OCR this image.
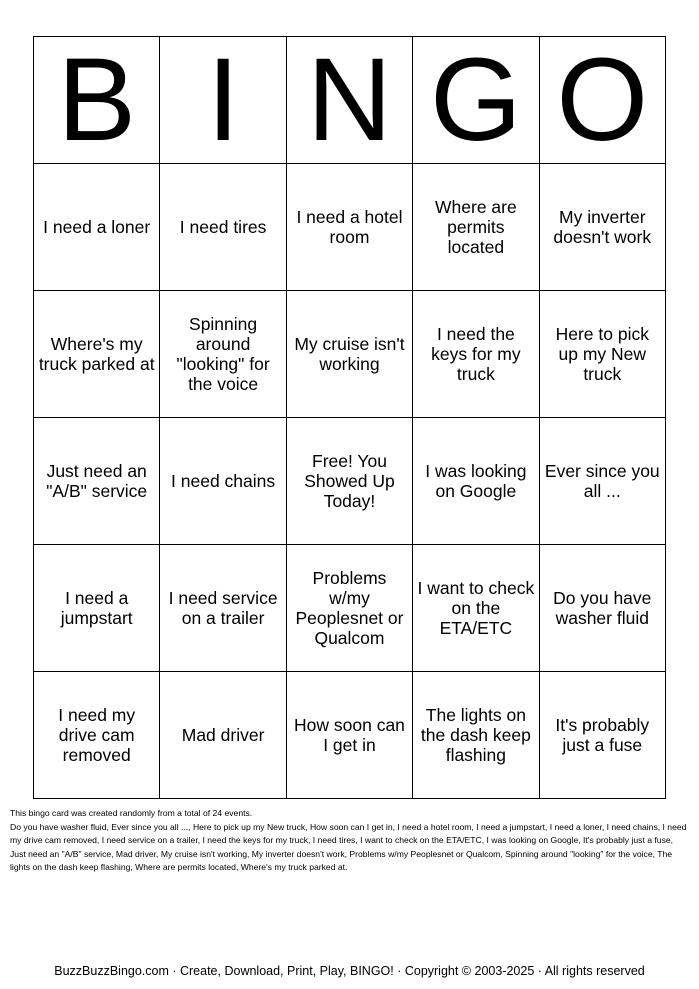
B	I	N	G	O
I need a loner	I need tires	I need a hotel room	Where are permits located	My inverter doesn't work
Where's my truck parked at	Spinning around "looking" for the voice	My cruise isn't working	I need the keys for my truck	Here to pick up my New truck
Just need an "A/B" service	I need chains	Free! You Showed Up Today!	I was looking on Google	Ever since you all ...
I need a jumpstart	I need service on a trailer	Problems w/my Peoplesnet or Qualcom	I want to check on the ETA/ETC	Do you have washer fluid
I need my drive cam removed	Mad driver	How soon can I get in	The lights on the dash keep flashing	It's probably just a fuse

This bingo card was created randomly from a total of 24 events.

Do you have washer fluid, Ever since you all ..., Here to pick up my New truck, How soon can I get in, I need a hotel room, I need a jumpstart, I need a loner, I need chains, I need my drive cam removed, I need service on a trailer, I need the keys for my truck, I need tires, I want to check on the ETA/ETC, I was looking on Google, It's probably just a fuse, Just need an "A/B" service, Mad driver, My cruise isn't working, My inverter doesn't work, Problems w/my Peoplesnet or Qualcom, Spinning around "looking" for the voice, The lights on the dash keep flashing, Where are permits located, Where's my truck parked at.

BuzzBuzzBingo.com · Create, Download, Print, Play, BINGO! · Copyright © 2003-2025 · All rights reserved
